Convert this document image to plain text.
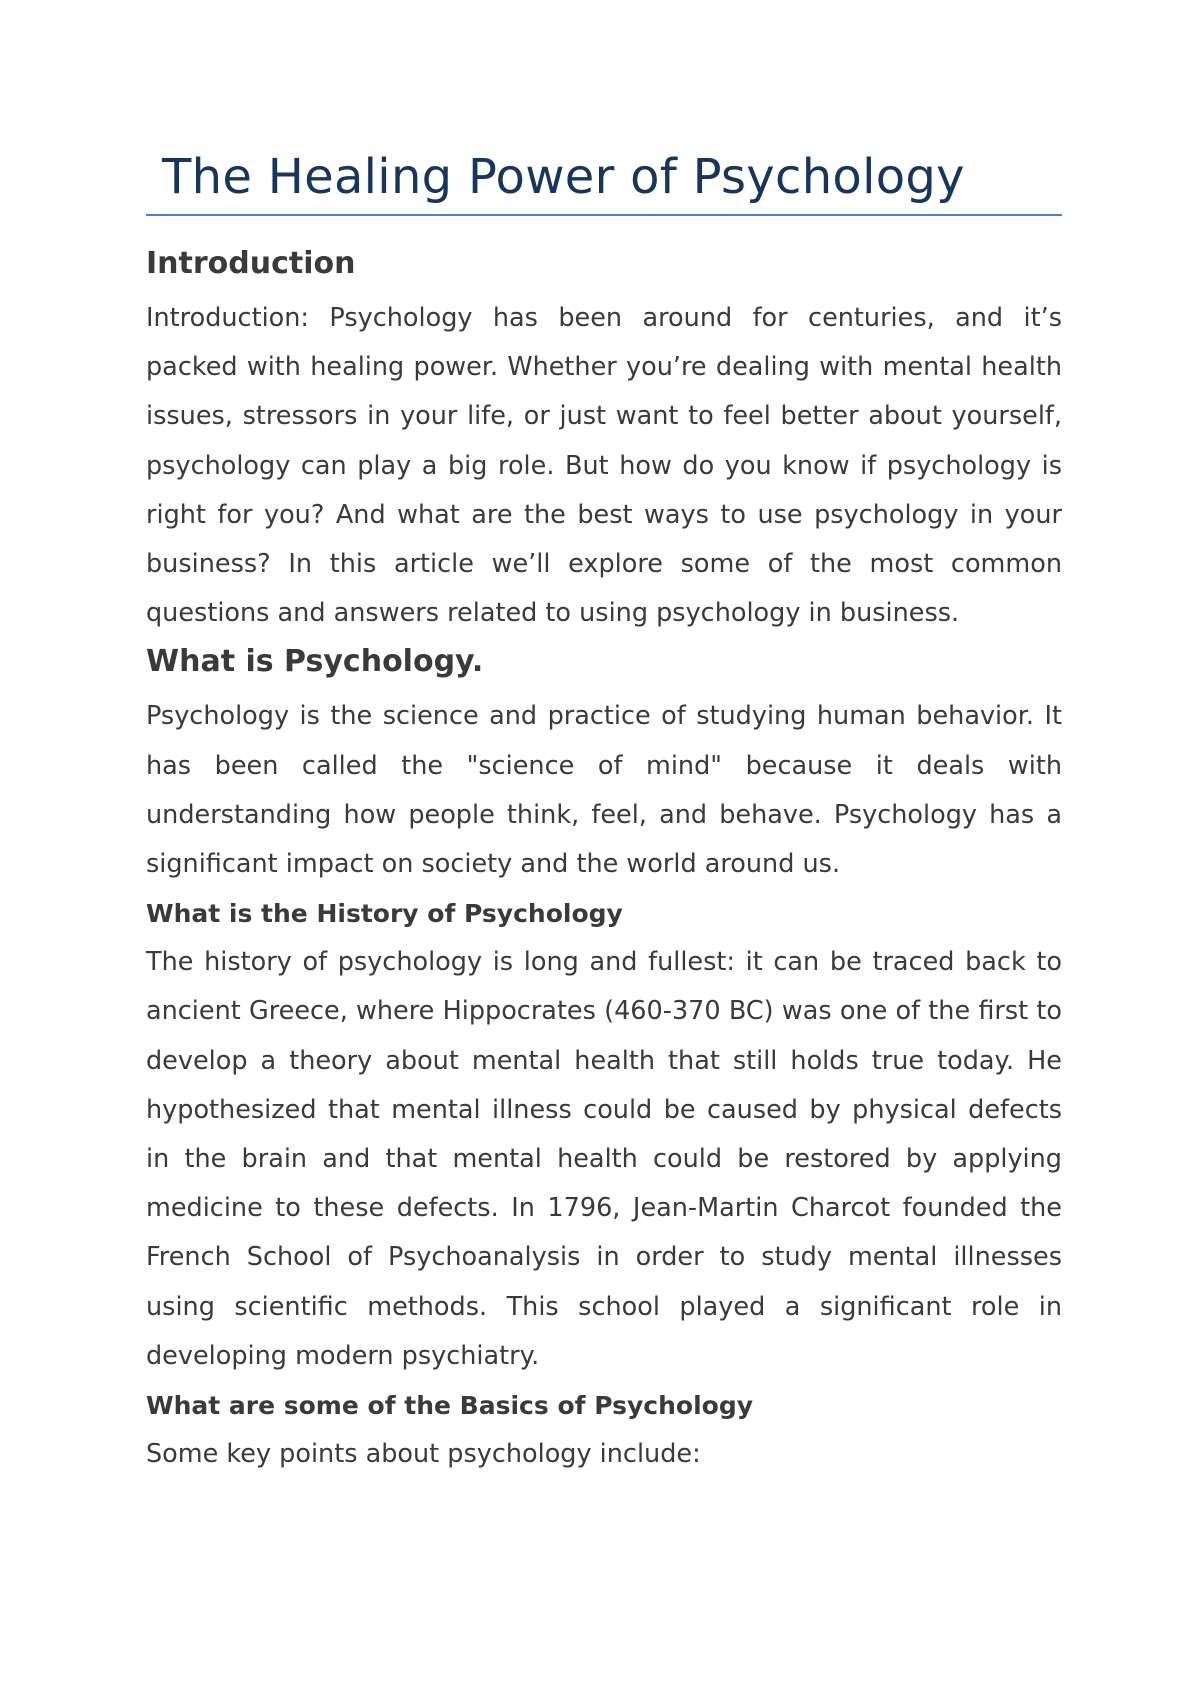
The Healing Power of Psychology
Introduction

Introduction: Psychology has been around for centuries, and it’s packed with healing power. Whether you’re dealing with mental health issues, stressors in your life, or just want to feel better about yourself, psychology can play a big role. But how do you know if psychology is right for you? And what are the best ways to use psychology in your business? In this article we’ll explore some of the most common questions and answers related to using psychology in business.

What is Psychology.

Psychology is the science and practice of studying human behavior. It has been called the "science of mind" because it deals with understanding how people think, feel, and behave. Psychology has a significant impact on society and the world around us.

What is the History of Psychology

The history of psychology is long and fullest: it can be traced back to ancient Greece, where Hippocrates (460-370 BC) was one of the first to develop a theory about mental health that still holds true today. He hypothesized that mental illness could be caused by physical defects in the brain and that mental health could be restored by applying medicine to these defects. In 1796, Jean-Martin Charcot founded the French School of Psychoanalysis in order to study mental illnesses using scientific methods. This school played a significant role in developing modern psychiatry.

What are some of the Basics of Psychology

Some key points about psychology include:
